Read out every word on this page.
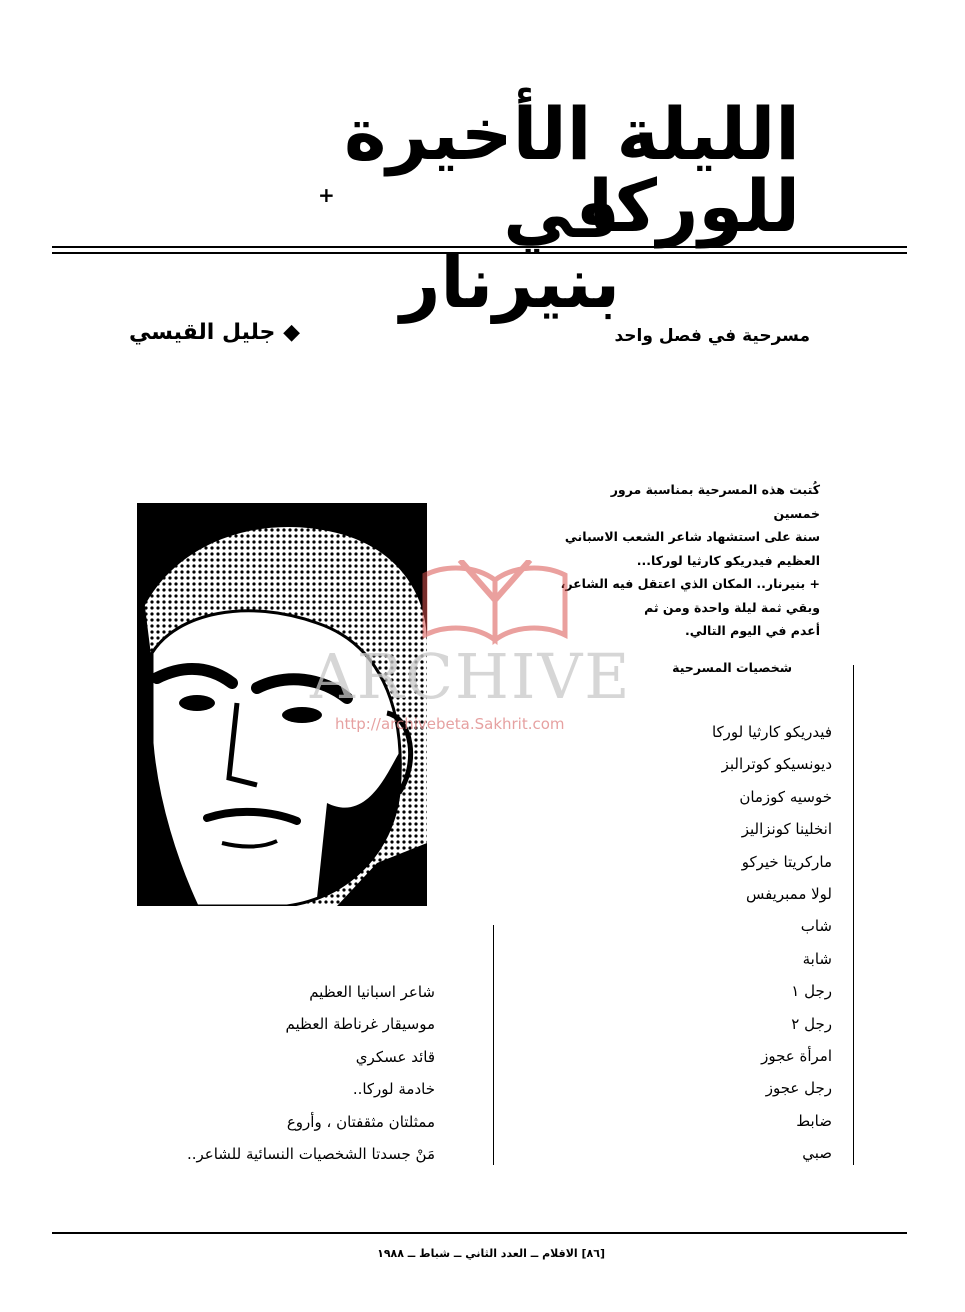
الليلة الأخيرة للوركا
في بنيرنار
+
مسرحية في فصل واحد
◆ جليل القيسي
كُتبت هذه المسرحية بمناسبة مرور خمسين
سنة على استشهاد شاعر الشعب الاسباني
العظيم فيدريكو كارثيا لوركا...
+ بنيرنار.. المكان الذي اعتقل فيه الشاعر،
وبقي ثمة ليلة واحدة ومن ثم
أعدم في اليوم التالي.
ARCHIVE
http://archivebeta.Sakhrit.com
شخصيات المسرحية
فيدريكو كارثيا لوركا
ديونسيكو كوترالبز
خوسيه كوزمان
انخلينا كونزاليز
ماركريتا خيركو
لولا ممبريفس
شاب
شابة
رجل ١
رجل ٢
امرأة عجوز
رجل عجوز
ضابط
صبي
شاعر اسبانيا العظيم
موسيقار غرناطة العظيم
قائد عسكري
خادمة لوركا..
ممثلتان مثقفتان ، وأروع
مَنْ جسدتا الشخصيات النسائية للشاعر..
[٨٦] الاقلام ــ العدد الثاني ــ شباط ــ ١٩٨٨
